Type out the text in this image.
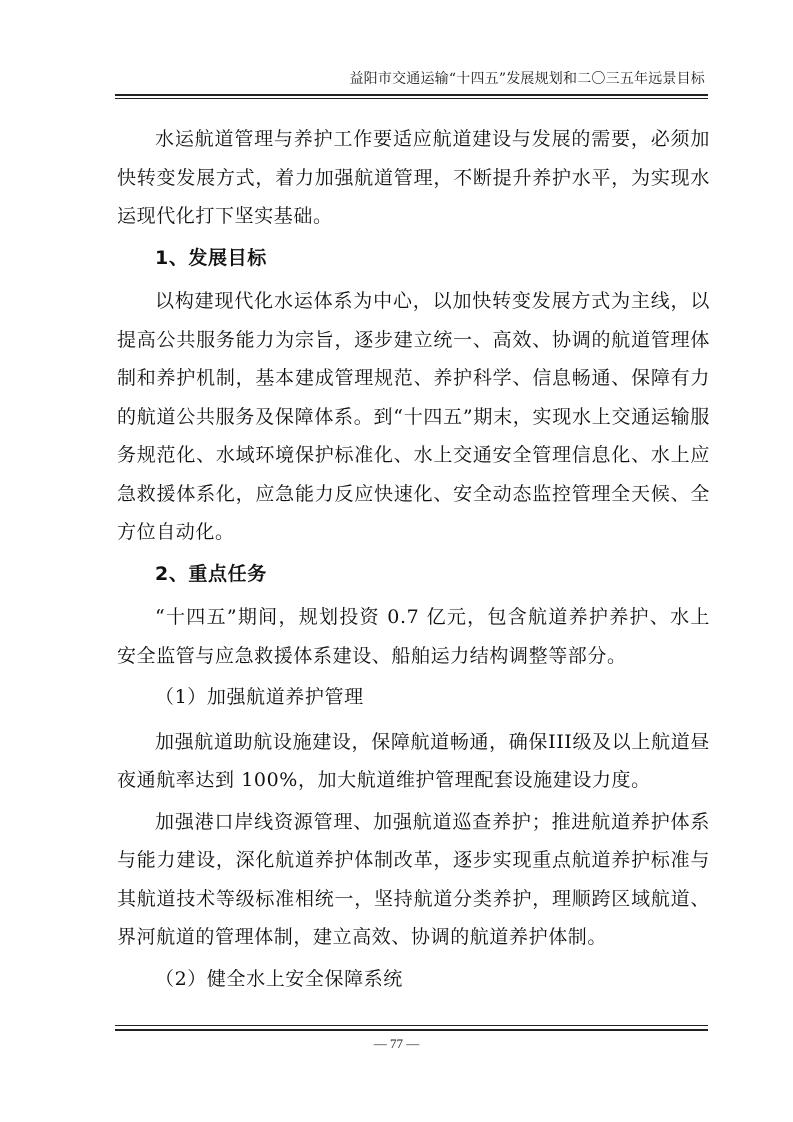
益阳市交通运输“十四五”发展规划和二〇三五年远景目标

水运航道管理与养护工作要适应航道建设与发展的需要，必须加快转变发展方式，着力加强航道管理，不断提升养护水平，为实现水运现代化打下坚实基础。

1、发展目标

以构建现代化水运体系为中心，以加快转变发展方式为主线，以提高公共服务能力为宗旨，逐步建立统一、高效、协调的航道管理体制和养护机制，基本建成管理规范、养护科学、信息畅通、保障有力的航道公共服务及保障体系。到“十四五”期末，实现水上交通运输服务规范化、水域环境保护标准化、水上交通安全管理信息化、水上应急救援体系化，应急能力反应快速化、安全动态监控管理全天候、全方位自动化。

2、重点任务

“十四五”期间，规划投资 0.7 亿元，包含航道养护养护、水上安全监管与应急救援体系建设、船舶运力结构调整等部分。

（1）加强航道养护管理

加强航道助航设施建设，保障航道畅通，确保III级及以上航道昼夜通航率达到 100%，加大航道维护管理配套设施建设力度。

加强港口岸线资源管理、加强航道巡查养护；推进航道养护体系与能力建设，深化航道养护体制改革，逐步实现重点航道养护标准与其航道技术等级标准相统一，坚持航道分类养护，理顺跨区域航道、界河航道的管理体制，建立高效、协调的航道养护体制。

（2）健全水上安全保障系统
— 77 —
